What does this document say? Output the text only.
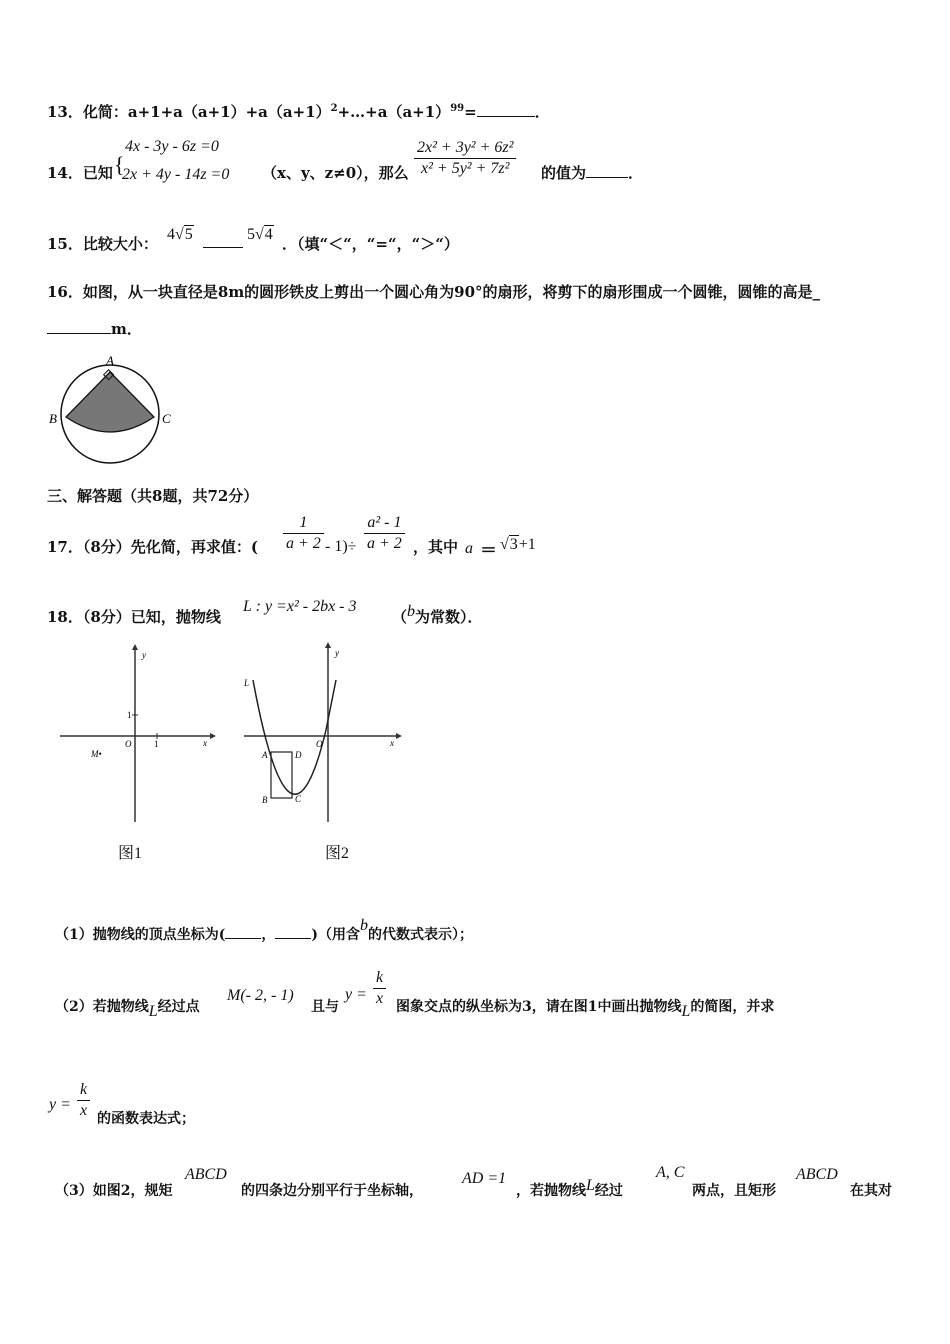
13．化简：$a+1+a(a+1)+a(a+1)^2+\dots+a(a+1)^{99}=$	．
14．已知 {
4x - 3y - 6z =0
2x + 4y - 14z =0 （x、y、z≠0），那么 $\frac{\text{2x² + 3y² + 6z²}}{\text{x² + 5y² + 7z²}}$ 的值为	．
15．比较大小：
4√5	5√4
．（填“＜“，“=“，“＞“）
16．如图，从一块直径是8m的圆形铁皮上剪出一个圆心角为90°的扇形，将剪下的扇形围成一个圆锥，圆锥的高是_
m．
A
B	C
三、解答题（共8题，共72分）
17．（8分）先化简，再求值：( $\frac{1}{a + 2} - 1)\div \frac{\text{a² - 1}}{a + 2}$ ，其中 a ＝ √3+1
18．（8分）已知，抛物线
L : y =x² - 2bx - 3
（b为常数）．
y
x
O	1
1
M•
图1
y
x
O
L
A	D
B	C
图2
（1）抛物线的顶点坐标为(	，	)（用含b的代数式表示）；
（2）若抛物线L经过点
M(- 2, - 1)
且与
$y = \frac{k}{x}$ 图象交点的纵坐标为3，请在图1中画出抛物线L的简图，并求
$y = \frac{k}{x}$ 的函数表达式；
（3）如图2，规矩
ABCD
的四条边分别平行于坐标轴，
AD =1
，若抛物线L经过
A, C
两点，且矩形
ABCD
在其对
